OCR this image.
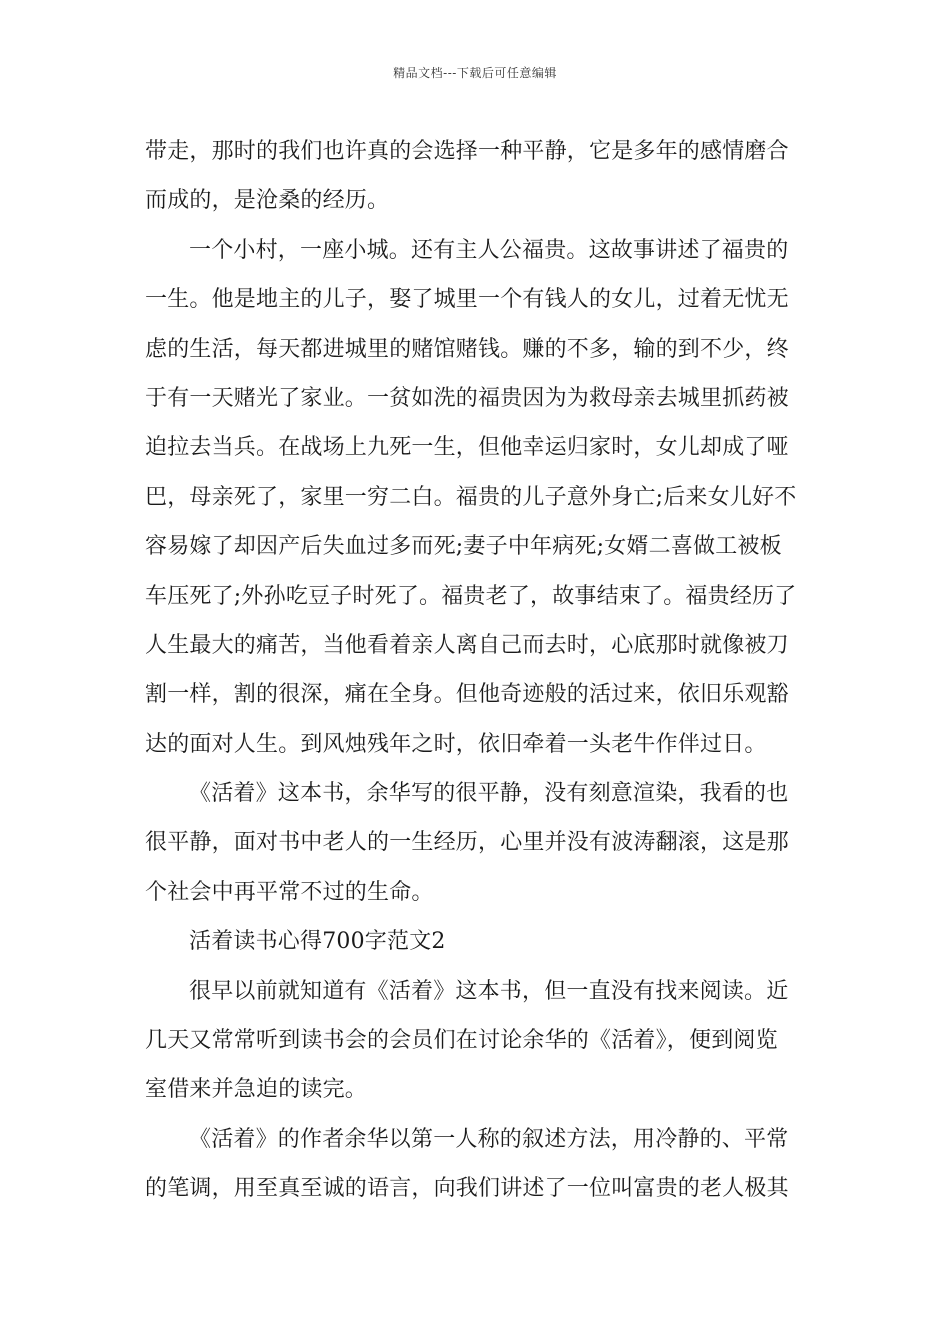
精品文档---下载后可任意编辑
带走，那时的我们也许真的会选择一种平静，它是多年的感情磨合
而成的，是沧桑的经历。
一个小村，一座小城。还有主人公福贵。这故事讲述了福贵的
一生。他是地主的儿子，娶了城里一个有钱人的女儿，过着无忧无
虑的生活，每天都进城里的赌馆赌钱。赚的不多，输的到不少，终
于有一天赌光了家业。一贫如洗的福贵因为为救母亲去城里抓药被
迫拉去当兵。在战场上九死一生，但他幸运归家时，女儿却成了哑
巴，母亲死了，家里一穷二白。福贵的儿子意外身亡;后来女儿好不
容易嫁了却因产后失血过多而死;妻子中年病死;女婿二喜做工被板
车压死了;外孙吃豆子时死了。福贵老了，故事结束了。福贵经历了
人生最大的痛苦，当他看着亲人离自己而去时，心底那时就像被刀
割一样，割的很深，痛在全身。但他奇迹般的活过来，依旧乐观豁
达的面对人生。到风烛残年之时，依旧牵着一头老牛作伴过日。
《活着》这本书，余华写的很平静，没有刻意渲染，我看的也
很平静，面对书中老人的一生经历，心里并没有波涛翻滚，这是那
个社会中再平常不过的生命。
活着读书心得700字范文2
很早以前就知道有《活着》这本书，但一直没有找来阅读。近
几天又常常听到读书会的会员们在讨论余华的《活着》，便到阅览
室借来并急迫的读完。
《活着》的作者余华以第一人称的叙述方法，用冷静的、平常
的笔调，用至真至诚的语言，向我们讲述了一位叫富贵的老人极其
